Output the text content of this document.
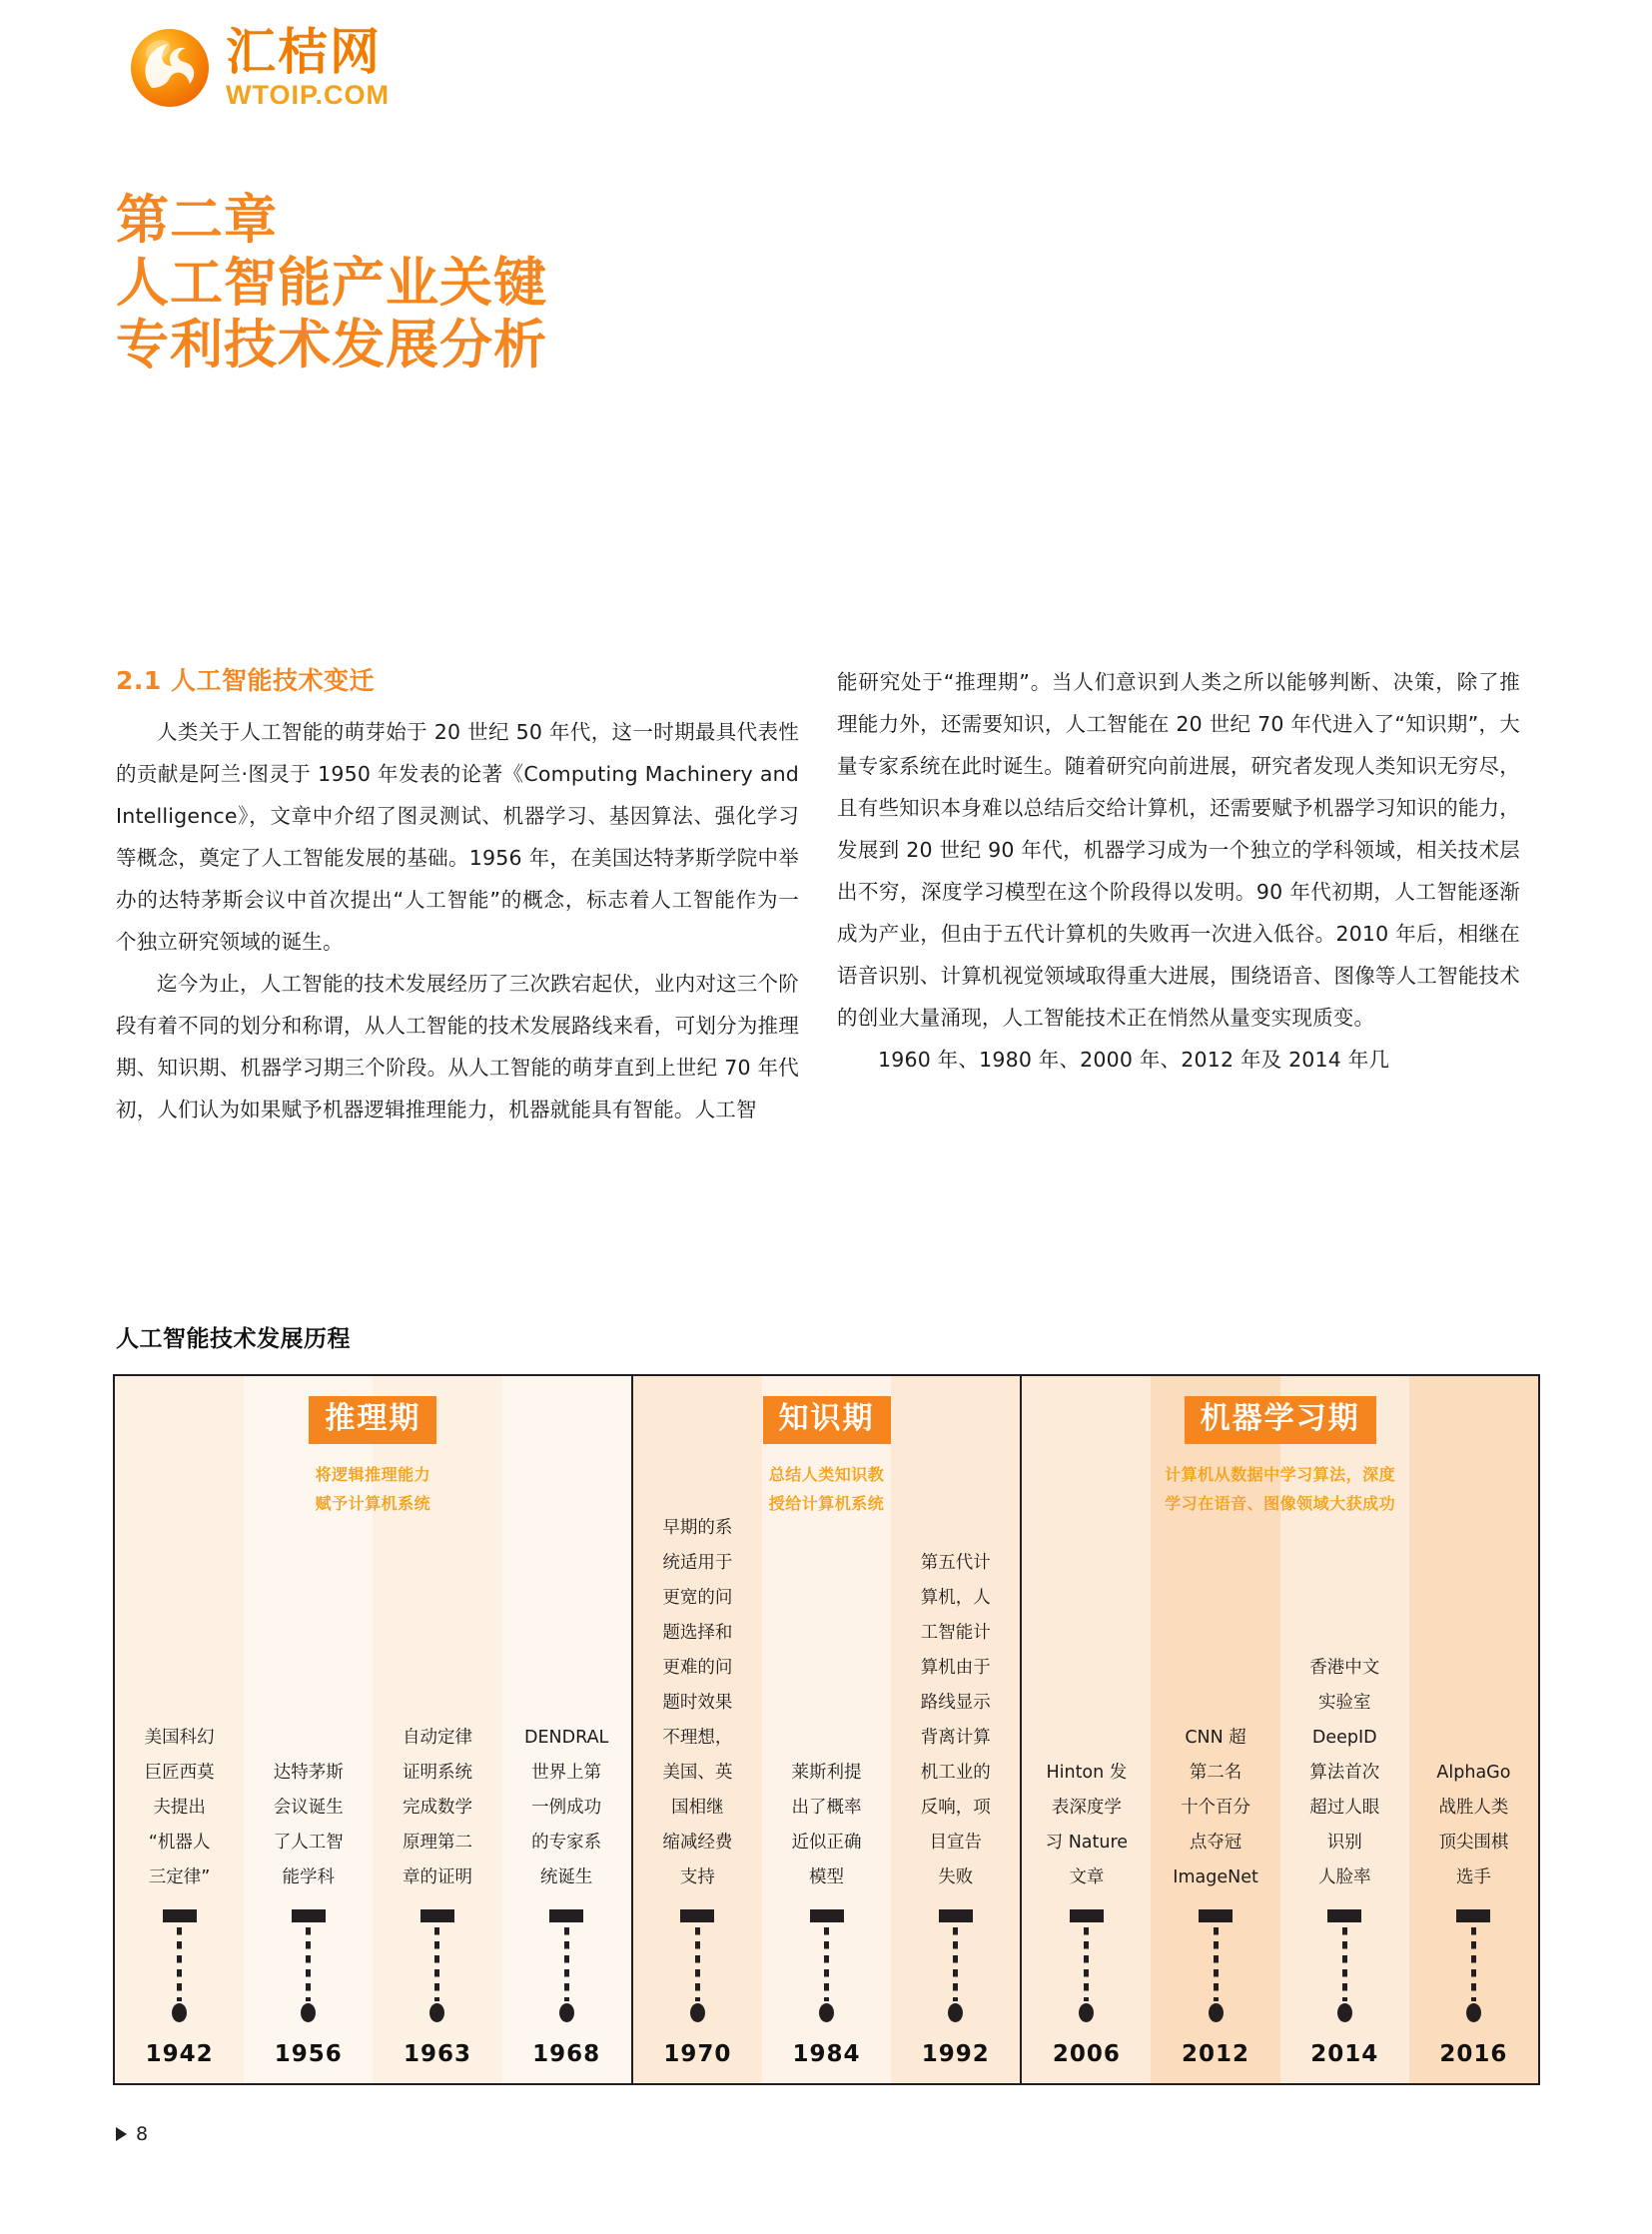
汇桔网
WTOIP.COM
第二章
人工智能产业关键
专利技术发展分析
2.1 人工智能技术变迁

人类关于人工智能的萌芽始于 20 世纪 50 年代，这一时期最具代表性的贡献是阿兰·图灵于 1950 年发表的论著《Computing Machinery and Intelligence》，文章中介绍了图灵测试、机器学习、基因算法、强化学习等概念，奠定了人工智能发展的基础。1956 年，在美国达特茅斯学院中举办的达特茅斯会议中首次提出“人工智能”的概念，标志着人工智能作为一个独立研究领域的诞生。

迄今为止，人工智能的技术发展经历了三次跌宕起伏，业内对这三个阶段有着不同的划分和称谓，从人工智能的技术发展路线来看，可划分为推理期、知识期、机器学习期三个阶段。从人工智能的萌芽直到上世纪 70 年代初，人们认为如果赋予机器逻辑推理能力，机器就能具有智能。人工智

能研究处于“推理期”。当人们意识到人类之所以能够判断、决策，除了推理能力外，还需要知识，人工智能在 20 世纪 70 年代进入了“知识期”，大量专家系统在此时诞生。随着研究向前进展，研究者发现人类知识无穷尽，且有些知识本身难以总结后交给计算机，还需要赋予机器学习知识的能力，发展到 20 世纪 90 年代，机器学习成为一个独立的学科领域，相关技术层出不穷，深度学习模型在这个阶段得以发明。90 年代初期，人工智能逐渐成为产业，但由于五代计算机的失败再一次进入低谷。2010 年后，相继在语音识别、计算机视觉领域取得重大进展，围绕语音、图像等人工智能技术的创业大量涌现，人工智能技术正在悄然从量变实现质变。

1960 年、1980 年、2000 年、2012 年及 2014 年几

人工智能技术发展历程
推理期
将逻辑推理能力
赋予计算机系统
美国科幻
巨匠西莫
夫提出
“机器人
三定律”
1942
达特茅斯
会议诞生
了人工智
能学科
1956
自动定律
证明系统
完成数学
原理第二
章的证明
1963
DENDRAL
世界上第
一例成功
的专家系
统诞生
1968
知识期
总结人类知识教
授给计算机系统
早期的系
统适用于
更宽的问
题选择和
更难的问
题时效果
不理想，
美国、英
国相继
缩减经费
支持
1970
莱斯利提
出了概率
近似正确
模型
1984
第五代计
算机，人
工智能计
算机由于
路线显示
背离计算
机工业的
反响，项
目宣告
失败
1992
机器学习期
计算机从数据中学习算法，深度
学习在语音、图像领域大获成功
Hinton 发
表深度学
习 Nature
文章
2006
CNN 超
第二名
十个百分
点夺冠
ImageNet
2012
香港中文
实验室
DeepID
算法首次
超过人眼
识别
人脸率
2014
AlphaGo
战胜人类
顶尖围棋
选手
2016
8
